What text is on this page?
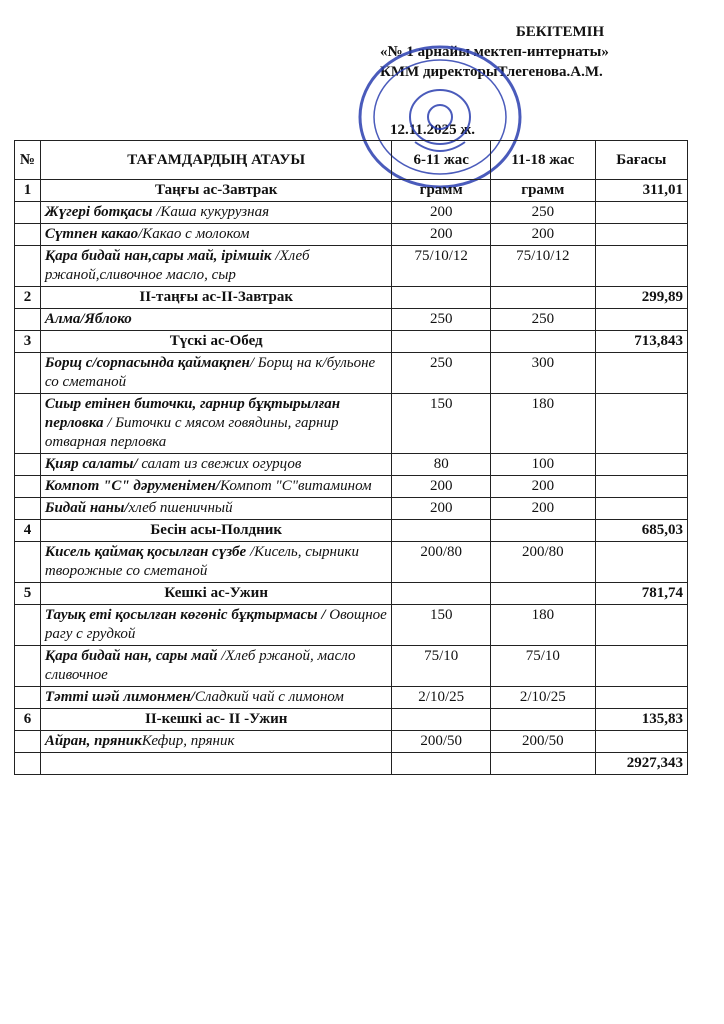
БЕКІТЕМІН
«№ 1 арнайы мектеп-интернаты»
КММ директорыТлегенова.А.М.
12.11.2025 ж.
№	ТАҒАМДАРДЫҢ АТАУЫ	6-11 жас	11-18 жас	Бағасы
1	Таңғы ас-Завтрак	грамм	грамм	311,01
	Жүгері ботқасы /Каша кукурузная	200	250	
	Сүтпен какао/Какао с молоком	200	200	
	Қара бидай нан,сары май, ірімшік /Хлеб ржаной,сливочное масло, сыр	75/10/12	75/10/12	
2	II-таңғы ас-II-Завтрак			299,89
	Алма/Яблоко	250	250	
3	Түскі ас-Обед			713,843
	Борщ с/сорпасында қаймақпен/ Борщ на к/бульоне со сметаной	250	300	
	Сиыр етінен биточки, гарнир бұқтырылған перловка / Биточки с мясом говядины, гарнир отварная перловка	150	180	
	Қияр салаты/ салат из свежих огурцов	80	100	
	Компот "С" дәруменімен/Компот "С"витамином	200	200	
	Бидай наны/хлеб пшеничный	200	200	
4	Бесін асы-Полдник			685,03
	Кисель қаймақ қосылған сүзбе /Кисель, сырники творожные со сметаной	200/80	200/80	
5	Кешкі ас-Ужин			781,74
	Тауық еті қосылған көгөніс бұқтырмасы / Овощное рагу с грудкой	150	180	
	Қара бидай нан, сары май /Хлеб ржаной, масло сливочное	75/10	75/10	
	Тәтті шәй лимонмен/Сладкий чай с лимоном	2/10/25	2/10/25	
6	II-кешкі ас- II -Ужин			135,83
	Айран, пряникКефир, пряник	200/50	200/50	
				2927,343
